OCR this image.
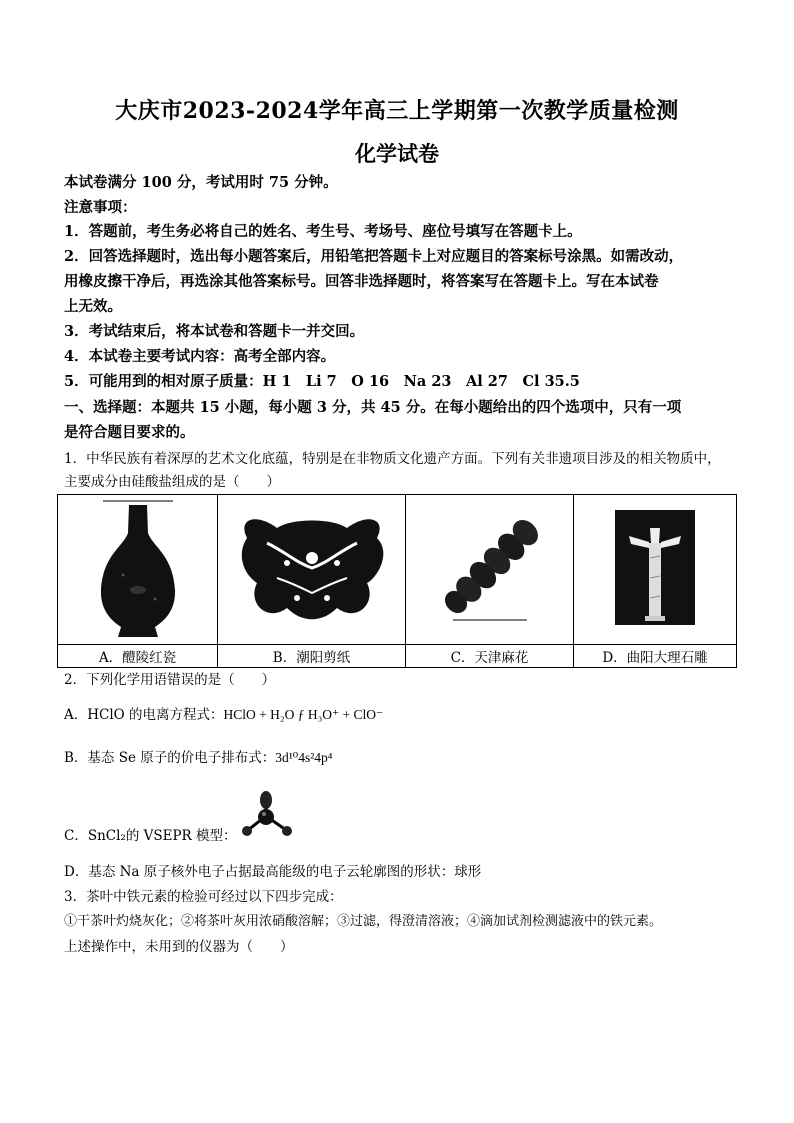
大庆市2023-2024学年高三上学期第一次教学质量检测
化学试卷
本试卷满分 100 分，考试用时 75 分钟。
注意事项：
1．答题前，考生务必将自己的姓名、考生号、考场号、座位号填写在答题卡上。
2．回答选择题时，选出每小题答案后，用铅笔把答题卡上对应题目的答案标号涂黑。如需改动，
用橡皮擦干净后，再选涂其他答案标号。回答非选择题时，将答案写在答题卡上。写在本试卷
上无效。
3．考试结束后，将本试卷和答题卡一并交回。
4．本试卷主要考试内容：高考全部内容。
5．可能用到的相对原子质量：H 1　Li 7　O 16　Na 23　Al 27　Cl 35.5
一、选择题：本题共 15 小题，每小题 3 分，共 45 分。在每小题给出的四个选项中，只有一项
是符合题目要求的。
1．中华民族有着深厚的艺术文化底蕴，特别是在非物质文化遗产方面。下列有关非遗项目涉及的相关物质中，
主要成分由硅酸盐组成的是（　　）

A．醴陵红瓷	B．潮阳剪纸	C．天津麻花	D．曲阳大理石雕
2．下列化学用语错误的是（　　）
A．HClO 的电离方程式：HClO + H₂O ƒ H₃O⁺ + ClO⁻
B．基态 Se 原子的价电子排布式：3d¹⁰4s²4p⁴
C．SnCl₂的 VSEPR 模型：
D．基态 Na 原子核外电子占据最高能级的电子云轮廓图的形状：球形
3．茶叶中铁元素的检验可经过以下四步完成：
①干茶叶灼烧灰化；②将茶叶灰用浓硝酸溶解；③过滤，得澄清溶液；④滴加试剂检测滤液中的铁元素。
上述操作中，未用到的仪器为（　　）
